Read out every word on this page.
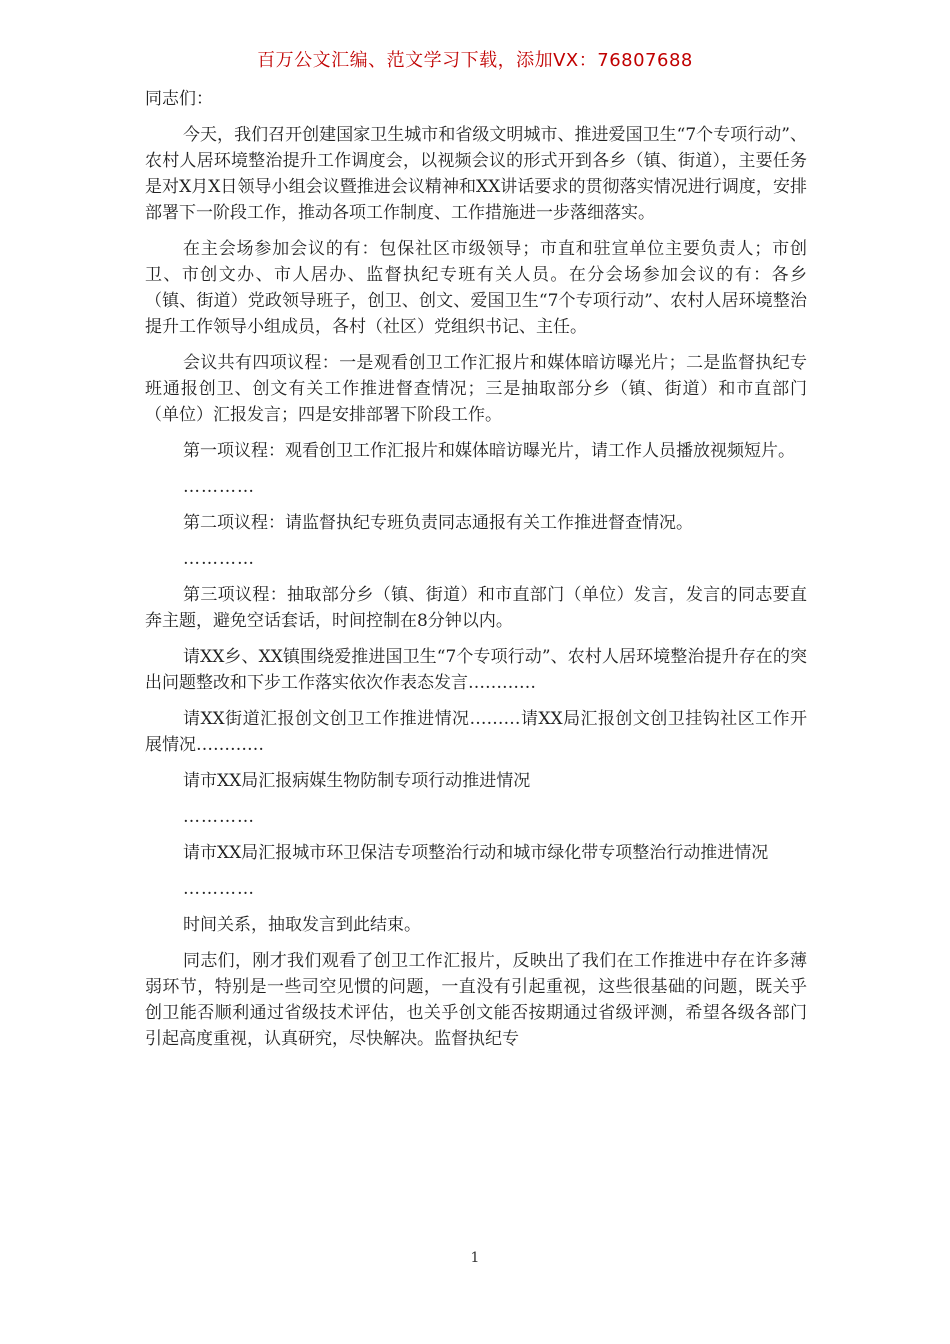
百万公文汇编、范文学习下载，添加VX：76807688

同志们：

今天，我们召开创建国家卫生城市和省级文明城市、推进爱国卫生“7个专项行动”、农村人居环境整治提升工作调度会，以视频会议的形式开到各乡（镇、街道），主要任务是对X月X日领导小组会议暨推进会议精神和XX讲话要求的贯彻落实情况进行调度，安排部署下一阶段工作，推动各项工作制度、工作措施进一步落细落实。

在主会场参加会议的有：包保社区市级领导；市直和驻宣单位主要负责人；市创卫、市创文办、市人居办、监督执纪专班有关人员。在分会场参加会议的有：各乡（镇、街道）党政领导班子，创卫、创文、爱国卫生“7个专项行动”、农村人居环境整治提升工作领导小组成员，各村（社区）党组织书记、主任。

会议共有四项议程：一是观看创卫工作汇报片和媒体暗访曝光片；二是监督执纪专班通报创卫、创文有关工作推进督查情况；三是抽取部分乡（镇、街道）和市直部门（单位）汇报发言；四是安排部署下阶段工作。

第一项议程：观看创卫工作汇报片和媒体暗访曝光片，请工作人员播放视频短片。

…………

第二项议程：请监督执纪专班负责同志通报有关工作推进督查情况。

…………

第三项议程：抽取部分乡（镇、街道）和市直部门（单位）发言，发言的同志要直奔主题，避免空话套话，时间控制在8分钟以内。

请XX乡、XX镇围绕爱推进国卫生“7个专项行动”、农村人居环境整治提升存在的突出问题整改和下步工作落实依次作表态发言…………

请XX街道汇报创文创卫工作推进情况………请XX局汇报创文创卫挂钩社区工作开展情况…………

请市XX局汇报病媒生物防制专项行动推进情况

…………

请市XX局汇报城市环卫保洁专项整治行动和城市绿化带专项整治行动推进情况

…………

时间关系，抽取发言到此结束。

同志们，刚才我们观看了创卫工作汇报片，反映出了我们在工作推进中存在许多薄弱环节，特别是一些司空见惯的问题，一直没有引起重视，这些很基础的问题，既关乎创卫能否顺利通过省级技术评估，也关乎创文能否按期通过省级评测，希望各级各部门引起高度重视，认真研究，尽快解决。监督执纪专

1
